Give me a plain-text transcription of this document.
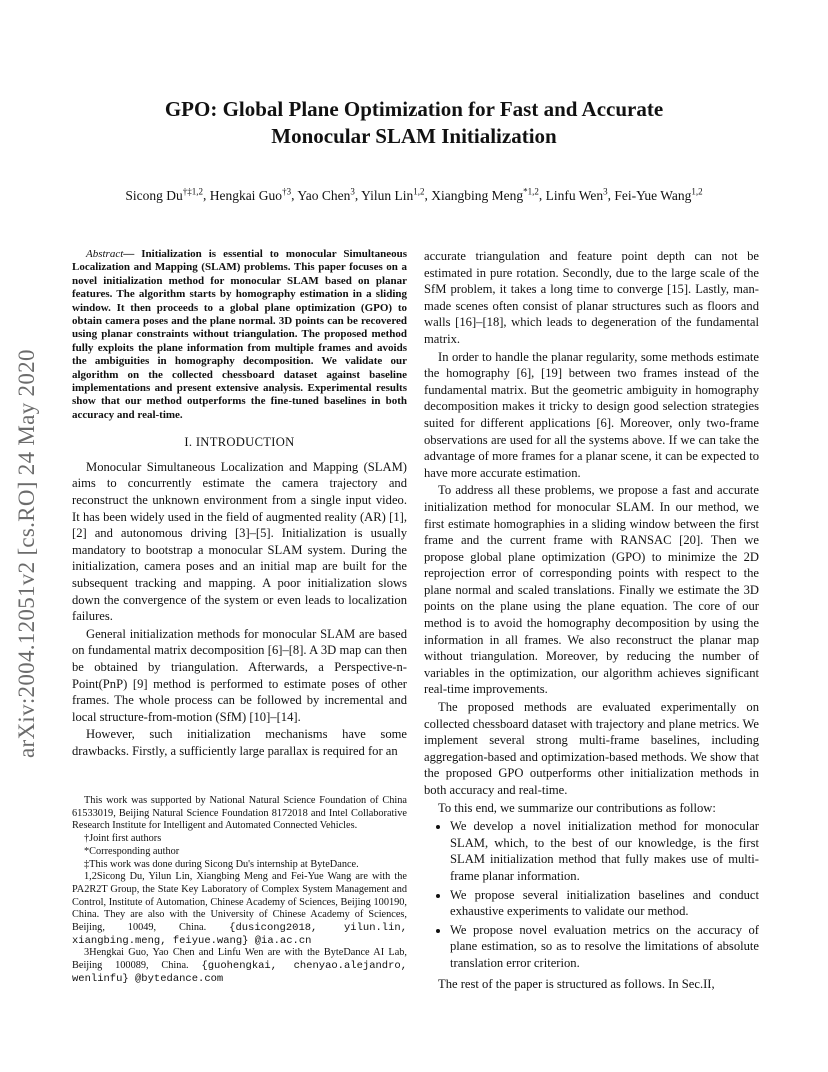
arXiv:2004.12051v2 [cs.RO] 24 May 2020
GPO: Global Plane Optimization for Fast and Accurate
Monocular SLAM Initialization
Sicong Du$^{\dagger\ddagger 1,2}$, Hengkai Guo$^{\dagger 3}$, Yao Chen$^3$, Yilun Lin$^{1,2}$, Xiangbing Meng$^{*1,2}$, Linfu Wen$^3$, Fei-Yue Wang$^{1,2}$

Abstract— Initialization is essential to monocular Simultaneous Localization and Mapping (SLAM) problems. This paper focuses on a novel initialization method for monocular SLAM based on planar features. The algorithm starts by homography estimation in a sliding window. It then proceeds to a global plane optimization (GPO) to obtain camera poses and the plane normal. 3D points can be recovered using planar constraints without triangulation. The proposed method fully exploits the plane information from multiple frames and avoids the ambiguities in homography decomposition. We validate our algorithm on the collected chessboard dataset against baseline implementations and present extensive analysis. Experimental results show that our method outperforms the fine-tuned baselines in both accuracy and real-time.

I. INTRODUCTION

Monocular Simultaneous Localization and Mapping (SLAM) aims to concurrently estimate the camera trajectory and reconstruct the unknown environment from a single input video. It has been widely used in the field of augmented reality (AR) [1], [2] and autonomous driving [3]–[5]. Initialization is usually mandatory to bootstrap a monocular SLAM system. During the initialization, camera poses and an initial map are built for the subsequent tracking and mapping. A poor initialization slows down the convergence of the system or even leads to localization failures.

General initialization methods for monocular SLAM are based on fundamental matrix decomposition [6]–[8]. A 3D map can then be obtained by triangulation. Afterwards, a Perspective-n-Point(PnP) [9] method is performed to estimate poses of other frames. The whole process can be followed by incremental and local structure-from-motion (SfM) [10]–[14].

However, such initialization mechanisms have some drawbacks. Firstly, a sufficiently large parallax is required for an

This work was supported by National Natural Science Foundation of China 61533019, Beijing Natural Science Foundation 8172018 and Intel Collaborative Research Institute for Intelligent and Automated Connected Vehicles.

†Joint first authors

*Corresponding author

‡This work was done during Sicong Du's internship at ByteDance.

1,2Sicong Du, Yilun Lin, Xiangbing Meng and Fei-Yue Wang are with the PA2R2T Group, the State Key Laboratory of Complex System Management and Control, Institute of Automation, Chinese Academy of Sciences, Beijing 100190, China. They are also with the University of Chinese Academy of Sciences, Beijing, 10049, China. {dusicong2018, yilun.lin, xiangbing.meng, feiyue.wang} @ia.ac.cn

3Hengkai Guo, Yao Chen and Linfu Wen are with the ByteDance AI Lab, Beijing 100089, China. {guohengkai, chenyao.alejandro, wenlinfu} @bytedance.com

accurate triangulation and feature point depth can not be estimated in pure rotation. Secondly, due to the large scale of the SfM problem, it takes a long time to converge [15]. Lastly, man-made scenes often consist of planar structures such as floors and walls [16]–[18], which leads to degeneration of the fundamental matrix.

In order to handle the planar regularity, some methods estimate the homography [6], [19] between two frames instead of the fundamental matrix. But the geometric ambiguity in homography decomposition makes it tricky to design good selection strategies suited for different applications [6]. Moreover, only two-frame observations are used for all the systems above. If we can take the advantage of more frames for a planar scene, it can be expected to have more accurate estimation.

To address all these problems, we propose a fast and accurate initialization method for monocular SLAM. In our method, we first estimate homographies in a sliding window between the first frame and the current frame with RANSAC [20]. Then we propose global plane optimization (GPO) to minimize the 2D reprojection error of corresponding points with respect to the plane normal and scaled translations. Finally we estimate the 3D points on the plane using the plane equation. The core of our method is to avoid the homography decomposition by using the information in all frames. We also reconstruct the planar map without triangulation. Moreover, by reducing the number of variables in the optimization, our algorithm achieves significant real-time improvements.

The proposed methods are evaluated experimentally on collected chessboard dataset with trajectory and plane metrics. We implement several strong multi-frame baselines, including aggregation-based and optimization-based methods. We show that the proposed GPO outperforms other initialization methods in both accuracy and real-time.

To this end, we summarize our contributions as follow:

• We develop a novel initialization method for monocular SLAM, which, to the best of our knowledge, is the first SLAM initialization method that fully makes use of multi-frame planar information.
• We propose several initialization baselines and conduct exhaustive experiments to validate our method.
• We propose novel evaluation metrics on the accuracy of plane estimation, so as to resolve the limitations of absolute translation error criterion.

The rest of the paper is structured as follows. In Sec.II,
